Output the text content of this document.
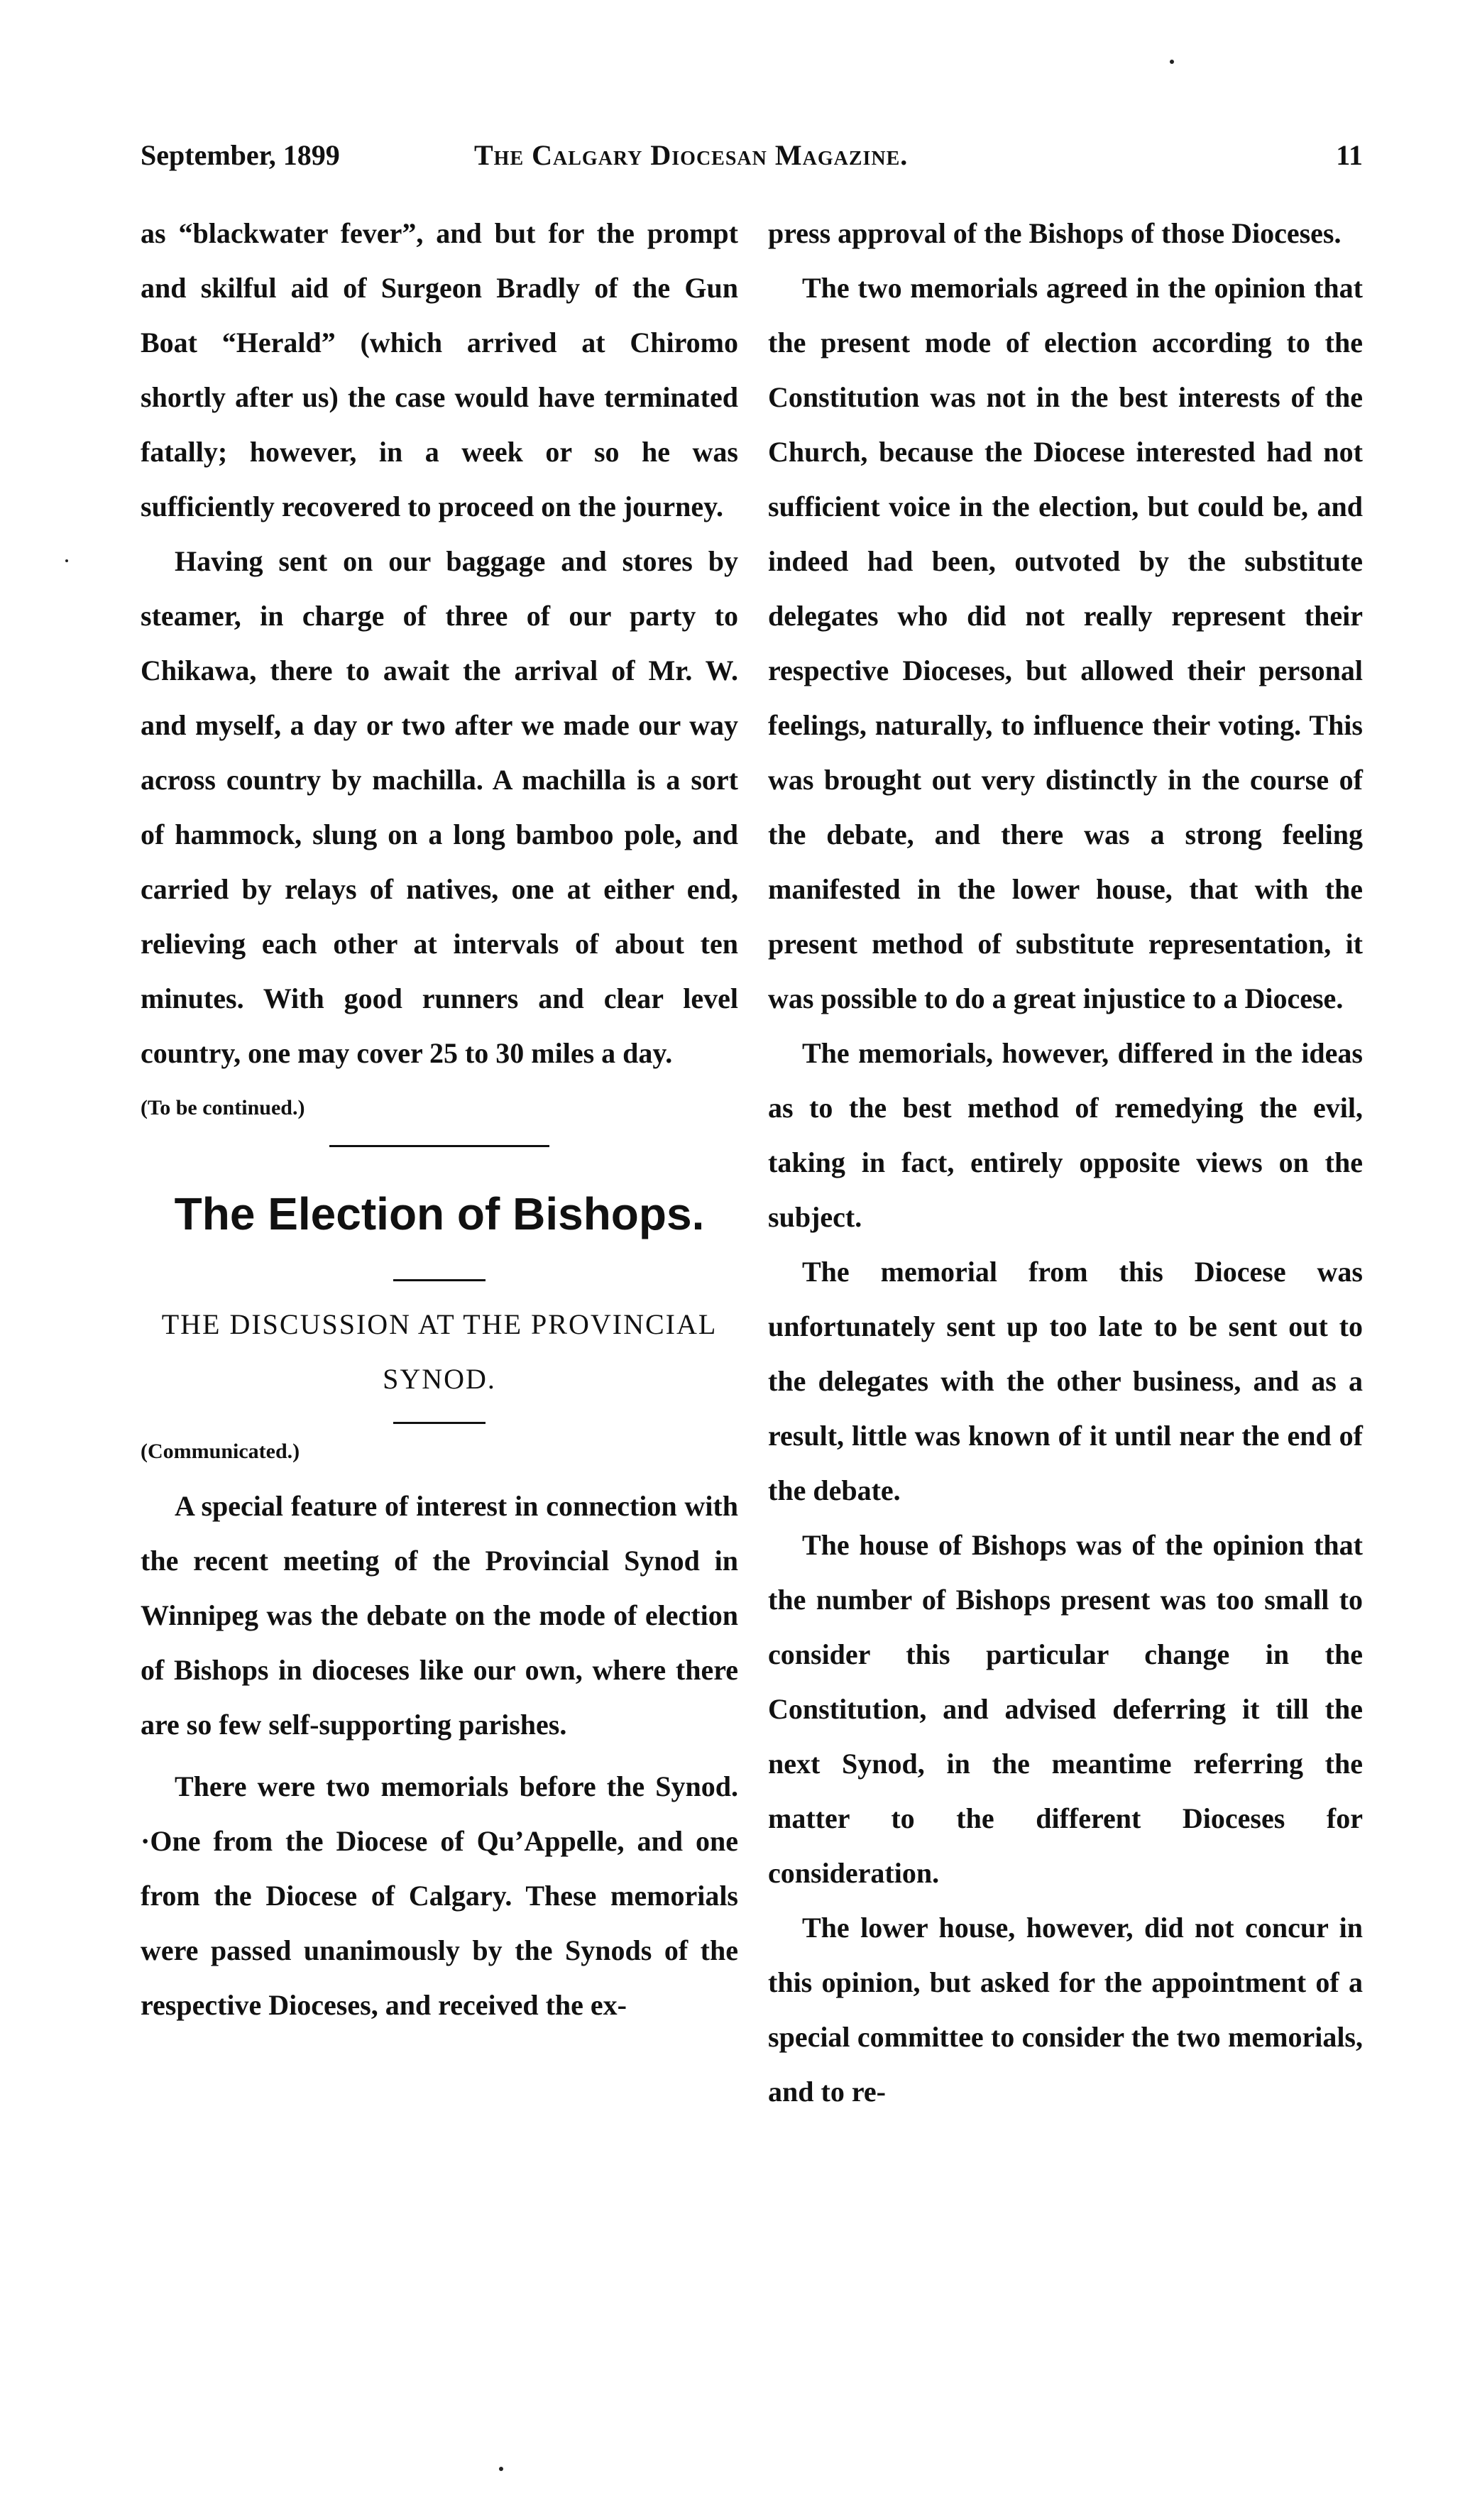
September, 1899	The Calgary Diocesan Magazine.	11

as “blackwater fever”, and but for the prompt and skilful aid of Surgeon Bradly of the Gun Boat “Herald” (which arrived at Chiromo shortly after us) the case would have terminated fatally; however, in a week or so he was sufficiently recovered to proceed on the journey.

Having sent on our baggage and stores by steamer, in charge of three of our party to Chikawa, there to await the arrival of Mr. W. and myself, a day or two after we made our way across country by machilla. A machilla is a sort of hammock, slung on a long bamboo pole, and carried by relays of natives, one at either end, relieving each other at intervals of about ten minutes. With good runners and clear level country, one may cover 25 to 30 miles a day.

(To be continued.)

The Election of Bishops.
THE DISCUSSION AT THE PROVINCIAL SYNOD.

(Communicated.)

A special feature of interest in connection with the recent meeting of the Provincial Synod in Winnipeg was the debate on the mode of election of Bishops in dioceses like our own, where there are so few self-supporting parishes.

There were two memorials before the Synod. ·One from the Diocese of Qu’Appelle, and one from the Diocese of Calgary. These memorials were passed unanimously by the Synods of the respective Dioceses, and received the ex-

press approval of the Bishops of those Dioceses.

The two memorials agreed in the opinion that the present mode of election according to the Constitution was not in the best interests of the Church, because the Diocese interested had not sufficient voice in the election, but could be, and indeed had been, outvoted by the substitute delegates who did not really represent their respective Dioceses, but allowed their personal feelings, naturally, to influence their voting. This was brought out very distinctly in the course of the debate, and there was a strong feeling manifested in the lower house, that with the present method of substitute representation, it was possible to do a great injustice to a Diocese.

The memorials, however, differed in the ideas as to the best method of remedying the evil, taking in fact, entirely opposite views on the subject.

The memorial from this Diocese was unfortunately sent up too late to be sent out to the delegates with the other business, and as a result, little was known of it until near the end of the debate.

The house of Bishops was of the opinion that the number of Bishops present was too small to consider this particular change in the Constitution, and advised deferring it till the next Synod, in the meantime referring the matter to the different Dioceses for consideration.

The lower house, however, did not concur in this opinion, but asked for the appointment of a special committee to consider the two memorials, and to re-
